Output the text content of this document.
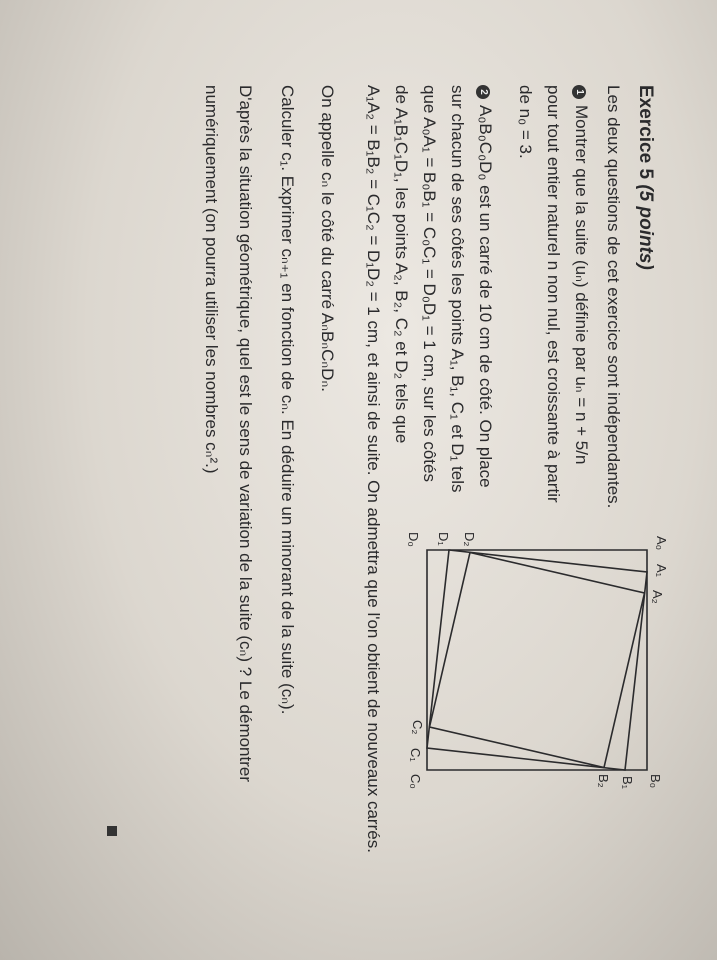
Exercice 5 (5 points)
Les deux questions de cet exercice sont indépendantes.
1Montrer que la suite (uₙ) définie par uₙ = n + 5/n
pour tout entier naturel n non nul, est croissante à partir
de n₀ = 3.
2A₀B₀C₀D₀ est un carré de 10 cm de côté. On place
sur chacun de ses côtés les points A₁, B₁, C₁ et D₁ tels
que A₀A₁ = B₀B₁ = C₀C₁ = D₀D₁ = 1 cm, sur les côtés
de A₁B₁C₁D₁, les points A₂, B₂, C₂ et D₂ tels que
A₁A₂ = B₁B₂ = C₁C₂ = D₁D₂ = 1 cm, et ainsi de suite. On admettra que l'on obtient de nouveaux carrés.
On appelle cₙ le côté du carré AₙBₙCₙDₙ.
Calculer c₁. Exprimer cₙ₊₁ en fonction de cₙ. En déduire un minorant de la suite (cₙ).
D'après la situation géométrique, quel est le sens de variation de la suite (cₙ) ? Le démontrer
numériquement (on pourra utiliser les nombres cₙ².)
A₀
A₁
A₂
B₀
B₁
B₂
C₀
C₁
C₂
D₀ D₁ D₂
